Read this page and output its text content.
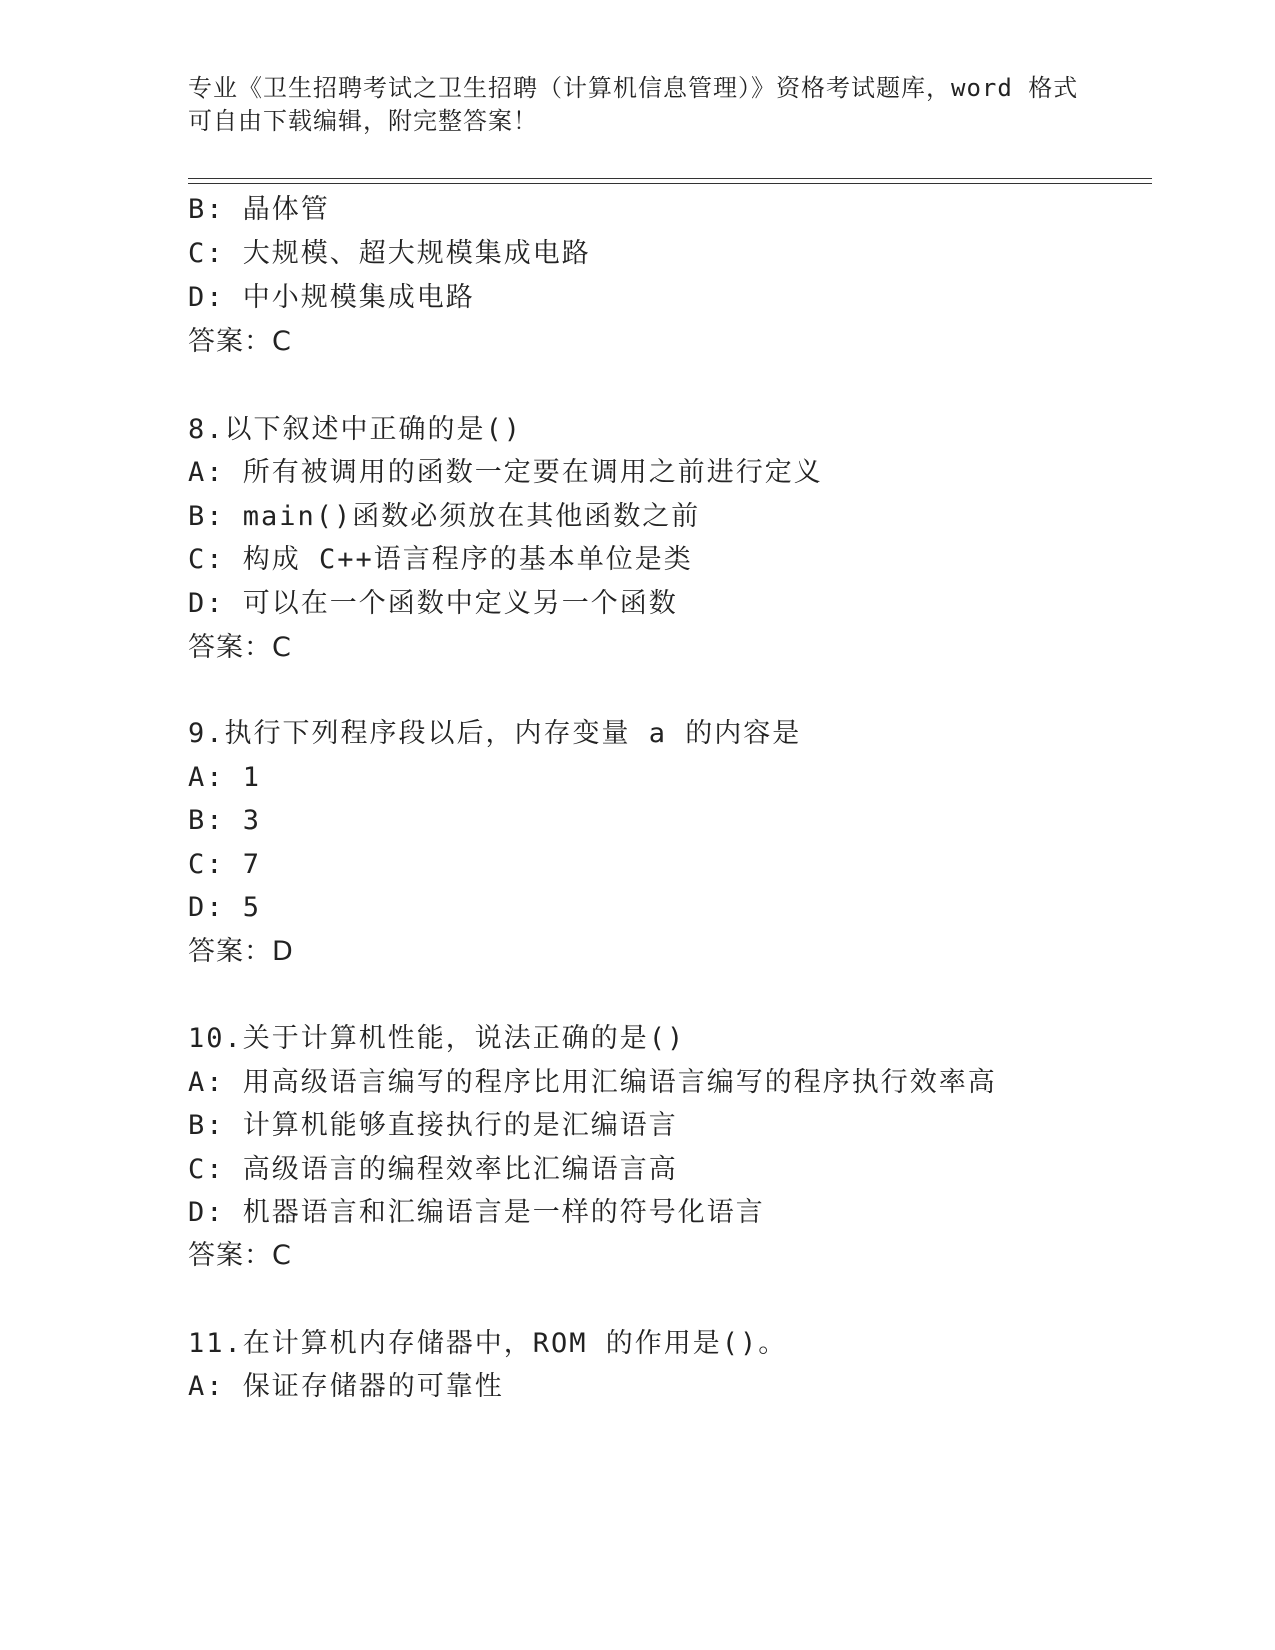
专业《卫生招聘考试之卫生招聘（计算机信息管理）》资格考试题库，word 格式
可自由下载编辑，附完整答案！
B: 晶体管
C: 大规模、超大规模集成电路
D: 中小规模集成电路
答案：C
8.以下叙述中正确的是()
A: 所有被调用的函数一定要在调用之前进行定义
B: main()函数必须放在其他函数之前
C: 构成 C++语言程序的基本单位是类
D: 可以在一个函数中定义另一个函数
答案：C
9.执行下列程序段以后，内存变量 a 的内容是
A: 1
B: 3
C: 7
D: 5
答案：D
10.关于计算机性能，说法正确的是()
A: 用高级语言编写的程序比用汇编语言编写的程序执行效率高
B: 计算机能够直接执行的是汇编语言
C: 高级语言的编程效率比汇编语言高
D: 机器语言和汇编语言是一样的符号化语言
答案：C
11.在计算机内存储器中，ROM 的作用是()。
A: 保证存储器的可靠性
